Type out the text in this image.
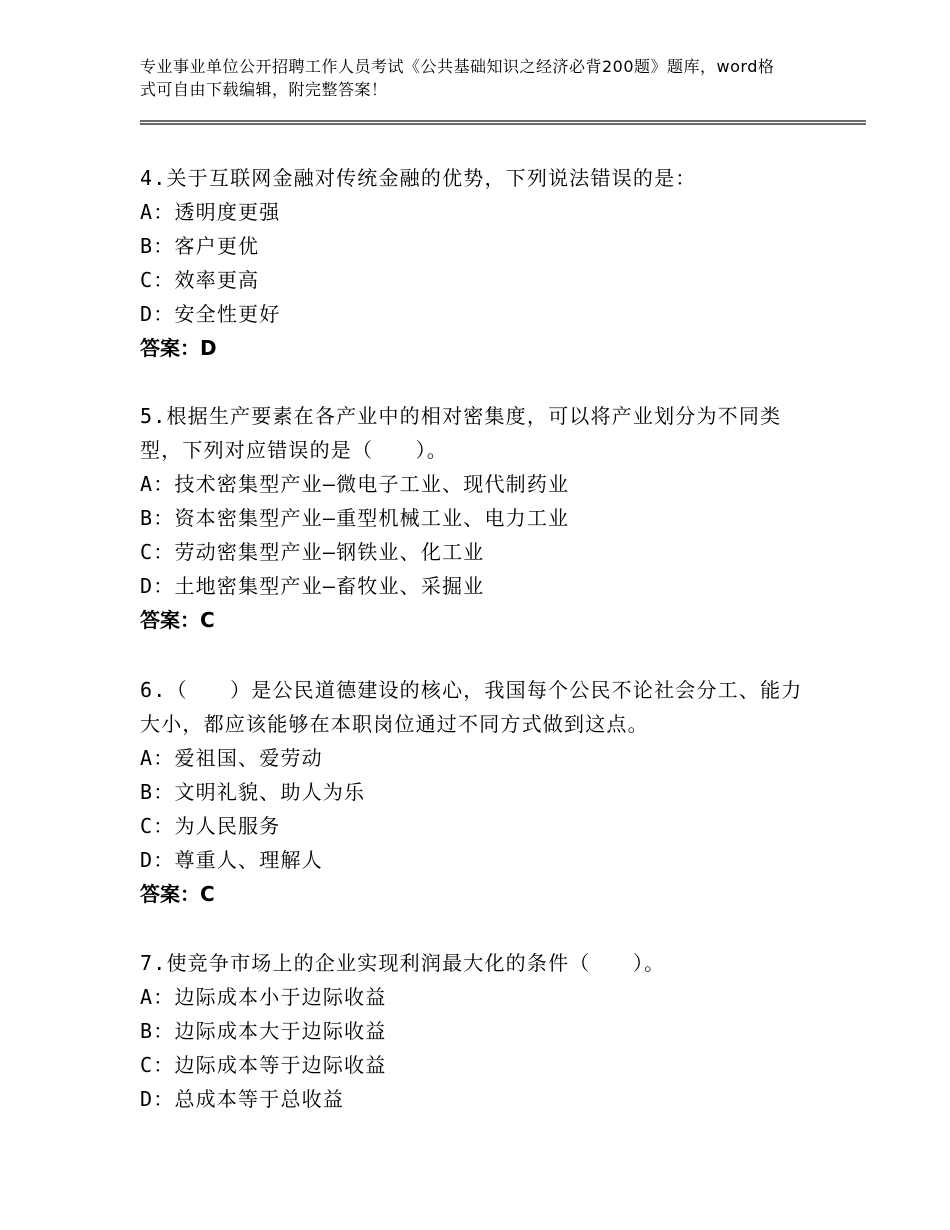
专业事业单位公开招聘工作人员考试《公共基础知识之经济必背200题》题库，word格式可自由下载编辑，附完整答案！

4.关于互联网金融对传统金融的优势，下列说法错误的是：

A：透明度更强

B：客户更优

C：效率更高

D：安全性更好

答案：D

5.根据生产要素在各产业中的相对密集度，可以将产业划分为不同类型，下列对应错误的是（　　）。

A：技术密集型产业—微电子工业、现代制药业

B：资本密集型产业—重型机械工业、电力工业

C：劳动密集型产业—钢铁业、化工业

D：土地密集型产业—畜牧业、采掘业

答案：C

6.（　　）是公民道德建设的核心，我国每个公民不论社会分工、能力大小，都应该能够在本职岗位通过不同方式做到这点。

A：爱祖国、爱劳动

B：文明礼貌、助人为乐

C：为人民服务

D：尊重人、理解人

答案：C

7.使竞争市场上的企业实现利润最大化的条件（　　）。

A：边际成本小于边际收益

B：边际成本大于边际收益

C：边际成本等于边际收益

D：总成本等于总收益
